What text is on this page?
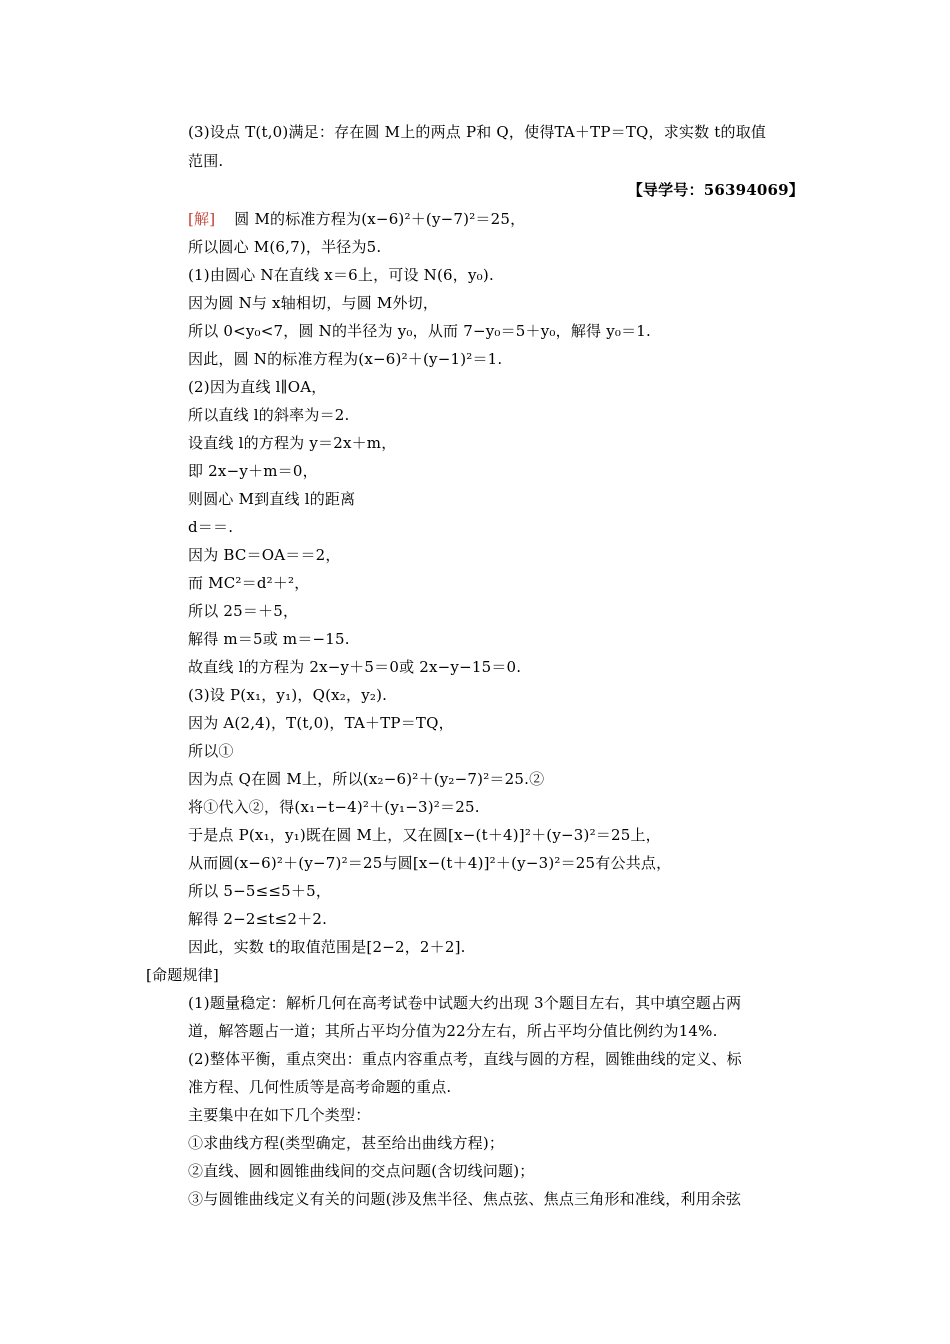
(3)设点 T(t,0)满足：存在圆 M上的两点 P和 Q，使得TA＋TP＝TQ，求实数 t的取值
范围.
【导学号：56394069】
[解] 圆 M的标准方程为(x−6)²＋(y−7)²＝25，
所以圆心 M(6,7)，半径为5.
(1)由圆心 N在直线 x＝6上，可设 N(6，y₀).
因为圆 N与 x轴相切，与圆 M外切，
所以 0<y₀<7，圆 N的半径为 y₀，从而 7−y₀＝5＋y₀，解得 y₀＝1.
因此，圆 N的标准方程为(x−6)²＋(y−1)²＝1.
(2)因为直线 l∥OA，
所以直线 l的斜率为＝2.
设直线 l的方程为 y＝2x＋m，
即 2x−y＋m＝0，
则圆心 M到直线 l的距离
d＝＝.
因为 BC＝OA＝＝2，
而 MC²＝d²＋²，
所以 25＝＋5，
解得 m＝5或 m＝−15.
故直线 l的方程为 2x−y＋5＝0或 2x−y−15＝0.
(3)设 P(x₁，y₁)，Q(x₂，y₂).
因为 A(2,4)，T(t,0)，TA＋TP＝TQ，
所以①
因为点 Q在圆 M上，所以(x₂−6)²＋(y₂−7)²＝25.②
将①代入②，得(x₁−t−4)²＋(y₁−3)²＝25.
于是点 P(x₁，y₁)既在圆 M上，又在圆[x−(t＋4)]²＋(y−3)²＝25上，
从而圆(x−6)²＋(y−7)²＝25与圆[x−(t＋4)]²＋(y−3)²＝25有公共点，
所以 5−5≤≤5＋5，
解得 2−2≤t≤2＋2.
因此，实数 t的取值范围是[2−2，2＋2].
[命题规律]
(1)题量稳定：解析几何在高考试卷中试题大约出现 3个题目左右，其中填空题占两
道，解答题占一道；其所占平均分值为22分左右，所占平均分值比例约为14%.
(2)整体平衡，重点突出：重点内容重点考，直线与圆的方程，圆锥曲线的定义、标
准方程、几何性质等是高考命题的重点.
主要集中在如下几个类型：
①求曲线方程(类型确定，甚至给出曲线方程)；
②直线、圆和圆锥曲线间的交点问题(含切线问题)；
③与圆锥曲线定义有关的问题(涉及焦半径、焦点弦、焦点三角形和准线，利用余弦
